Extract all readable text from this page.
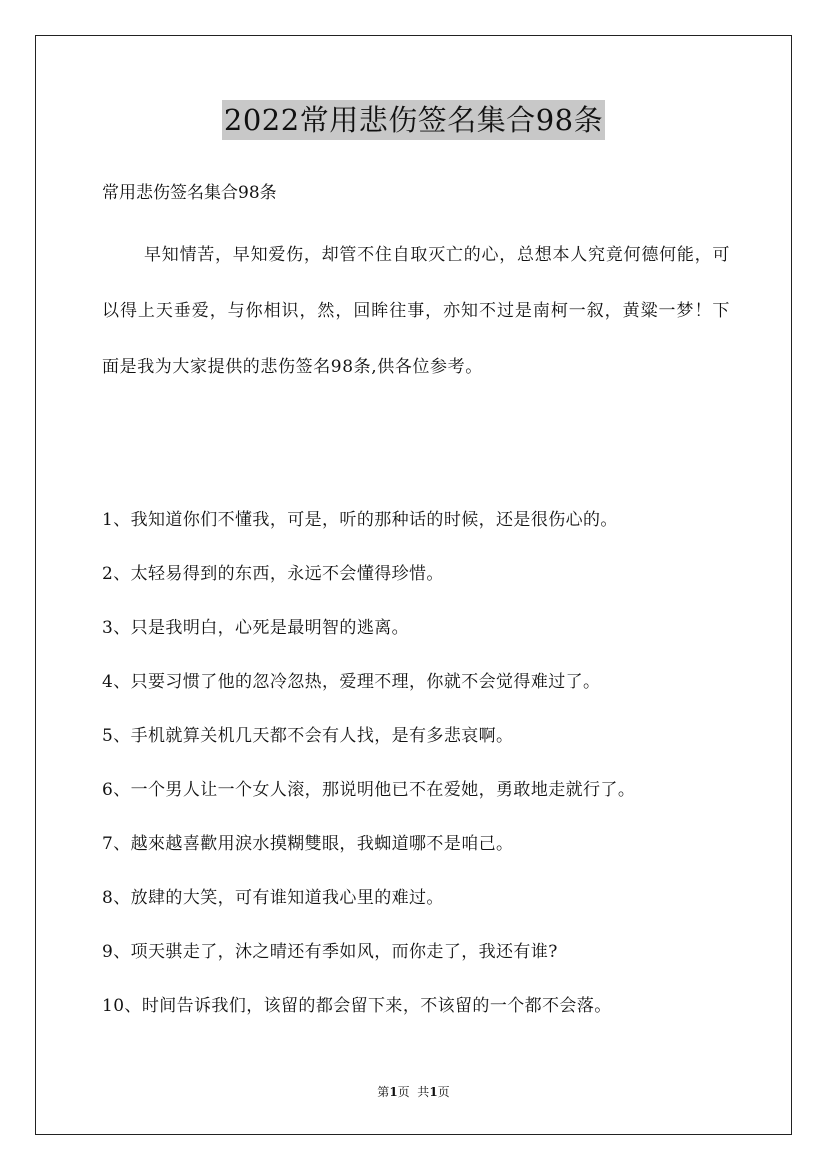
2022常用悲伤签名集合98条
常用悲伤签名集合98条

早知情苦，早知爱伤，却管不住自取灭亡的心，总想本人究竟何德何能，可以得上天垂爱，与你相识，然，回眸往事，亦知不过是南柯一叙，黄粱一梦！下面是我为大家提供的悲伤签名98条,供各位参考。

1、我知道你们不懂我，可是，听的那种话的时候，还是很伤心的。
2、太轻易得到的东西，永远不会懂得珍惜。
3、只是我明白，心死是最明智的逃离。
4、只要习惯了他的忽冷忽热，爱理不理，你就不会觉得难过了。
5、手机就算关机几天都不会有人找，是有多悲哀啊。
6、一个男人让一个女人滚，那说明他已不在爱她，勇敢地走就行了。
7、越來越喜歡用淚水摸糊雙眼，我蜘道哪不是咱己。
8、放肆的大笑，可有谁知道我心里的难过。
9、项天骐走了，沐之晴还有季如风，而你走了，我还有谁?
10、时间告诉我们，该留的都会留下来，不该留的一个都不会落。
第1页  共1页
